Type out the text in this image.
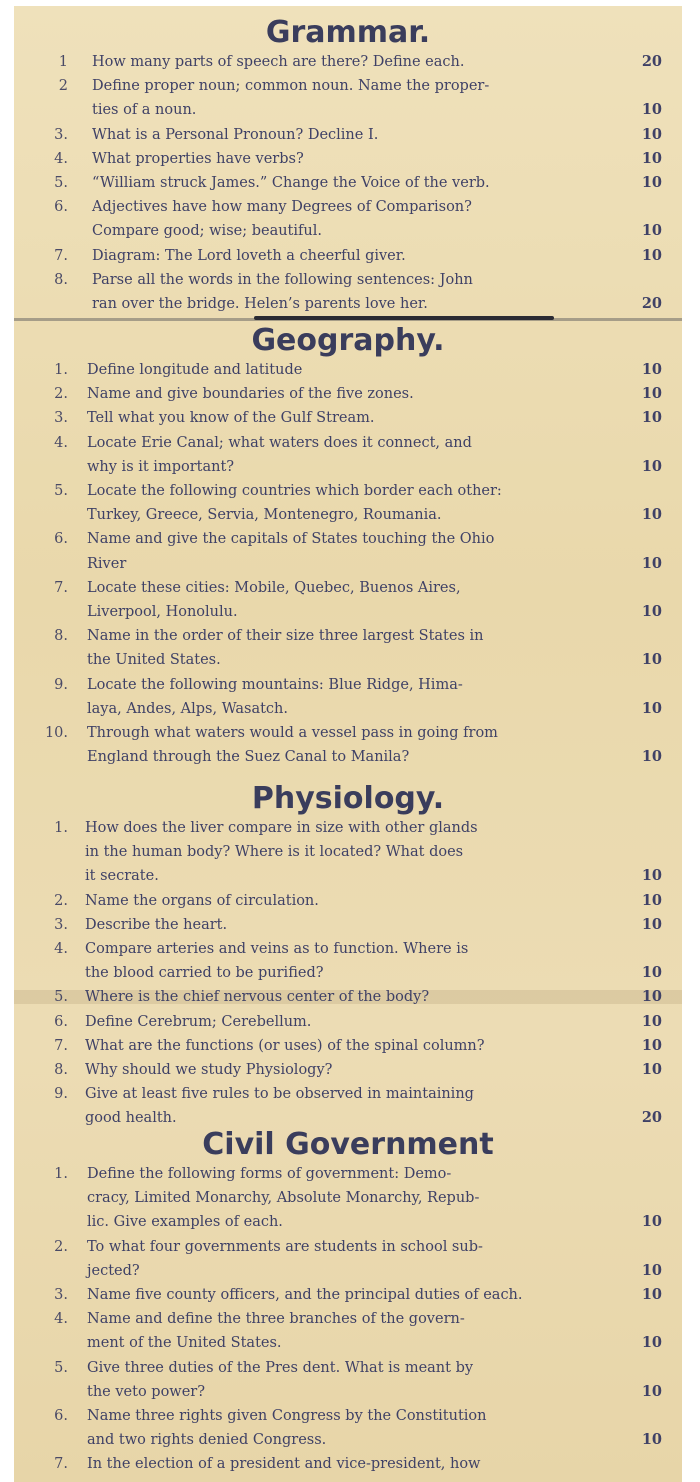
Grammar.
1 How many parts of speech are there? Define each.	20
2 Define proper noun; common noun. Name the proper-
ties of a noun.	10
3. What is a Personal Pronoun? Decline I.	10
4. What properties have verbs?	10
5. “William struck James.” Change the Voice of the verb.	10
6. Adjectives have how many Degrees of Comparison?
Compare good; wise; beautiful.	10
7. Diagram: The Lord loveth a cheerful giver.	10
8. Parse all the words in the following sentences: John
ran over the bridge. Helen’s parents love her.	20
Geography.
1. Define longitude and latitude	10
2. Name and give boundaries of the five zones.	10
3. Tell what you know of the Gulf Stream.	10
4. Locate Erie Canal; what waters does it connect, and
why is it important?	10
5. Locate the following countries which border each other:
Turkey, Greece, Servia, Montenegro, Roumania.	10
6. Name and give the capitals of States touching the Ohio
River	10
7. Locate these cities: Mobile, Quebec, Buenos Aires,
Liverpool, Honolulu.	10
8. Name in the order of their size three largest States in
the United States.	10
9. Locate the following mountains: Blue Ridge, Hima-
laya, Andes, Alps, Wasatch.	10
10. Through what waters would a vessel pass in going from
England through the Suez Canal to Manila?	10
Physiology.
1. How does the liver compare in size with other glands
in the human body? Where is it located? What does
it secrate.	10
2. Name the organs of circulation.	10
3. Describe the heart.	10
4. Compare arteries and veins as to function. Where is
the blood carried to be purified?	10
5. Where is the chief nervous center of the body?	10
6. Define Cerebrum; Cerebellum.	10
7. What are the functions (or uses) of the spinal column?	10
8. Why should we study Physiology?	10
9. Give at least five rules to be observed in maintaining
good health.	20
Civil Government
1. Define the following forms of government: Demo-
cracy, Limited Monarchy, Absolute Monarchy, Repub-
lic. Give examples of each.	10
2. To what four governments are students in school sub-
jected?	10
3. Name five county officers, and the principal duties of each.	10
4. Name and define the three branches of the govern-
ment of the United States.	10
5. Give three duties of the Pres dent. What is meant by
the veto power?	10
6. Name three rights given Congress by the Constitution
and two rights denied Congress.	10
7. In the election of a president and vice-president, how
